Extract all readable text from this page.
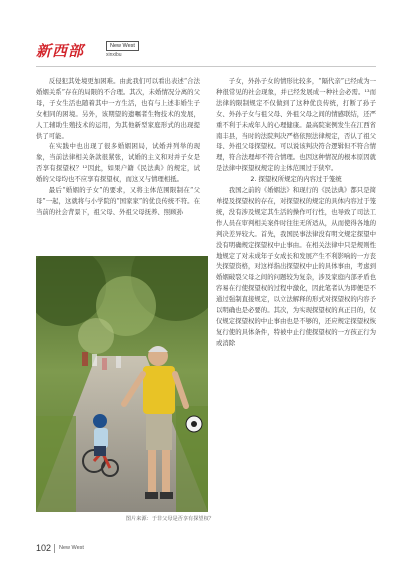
新西部	New West
xinxibu

反侵犯其处境更加困难。由此我们可以看出表述“合法婚姻关系”存在的局限的不合理。其次，未婚情况分离的父母，子女生活也随着其中一方生活，也有与上述非婚生子女相同的困境。另外，该期望的遗嘱者生物技术的发展，人工辅助生殖技术的运用，为其他新型家庭形式的出现提供了可能。

在实践中也出现了很多婚姻困局，试婚并列举的现象，当前法律相关条款很紧张，试婚的主义和对并子女是否享有探望权？¹²因此，如果户籍《民法典》的规定，试婚的父母均也不应享有探望权，而这又与情理相抵。

最后“婚姻的子女”的要求，又将主体范围限制在“父母”一起，这就将与小学院的“国家家”的优良传统不符。在当前的社会背景下，祖父母、外祖父母抚养、照顾孙

子女，外孙子女的情形比较多，“隔代亲”已经成为一种很常见的社会现象，并已经发展成一种社会必需。¹³而法律的限制规定不仅做到了这种优良传统，打断了孙子女、外孙子女与祖父母、外祖父母之间的情感联结，还严重不利于未成年人的心理健康。最高院案例发生在江西省南丰县，当时的法院判决严格依照法律规定，否认了祖父母、外祖父母探望权。可以说该判决符合逻辑但不符合情理，符合法理却不符合情理。也因这种情况的根本原因就是法律中探望权规定的主体范围过于狭窄。

2. 探望权所规定的内容过于笼统

我国之前的《婚姻法》和现行的《民法典》都只是简单提及探望权的存在，对探望权的规定的具体内容过于笼统，没有涉及规定其生活的操作可行性，也导致了司法工作人员在审判相关案件时往往无所适从，从而使得各地的判决差异较大。首先，我国民事法律没有明文规定探望中没有明确规定探望权中止事由。在相关法律中只是规则性地规定了对未成年子女成长和发展产生不利影响的一方丧失探望资格，对这样指出探望权中止的具体事由，考虑到婚姻破裂父母之间的问题较为复杂，涉及家庭内部矛盾也容易在行使探望权的过程中激化，因此笔者认为即便是不通过强制直接规定，以立法解释的形式对探望权的内容予以明确也是必要的。其次，为实现探望权的真正目的，仅仅规定探望权的中止事由也是不够的，还应规定探望权恢复行使的具体条件，特被中止行使探望权的一方孩正行为或消除

图片来源：于非父母是否享有探望权？
102 New West
